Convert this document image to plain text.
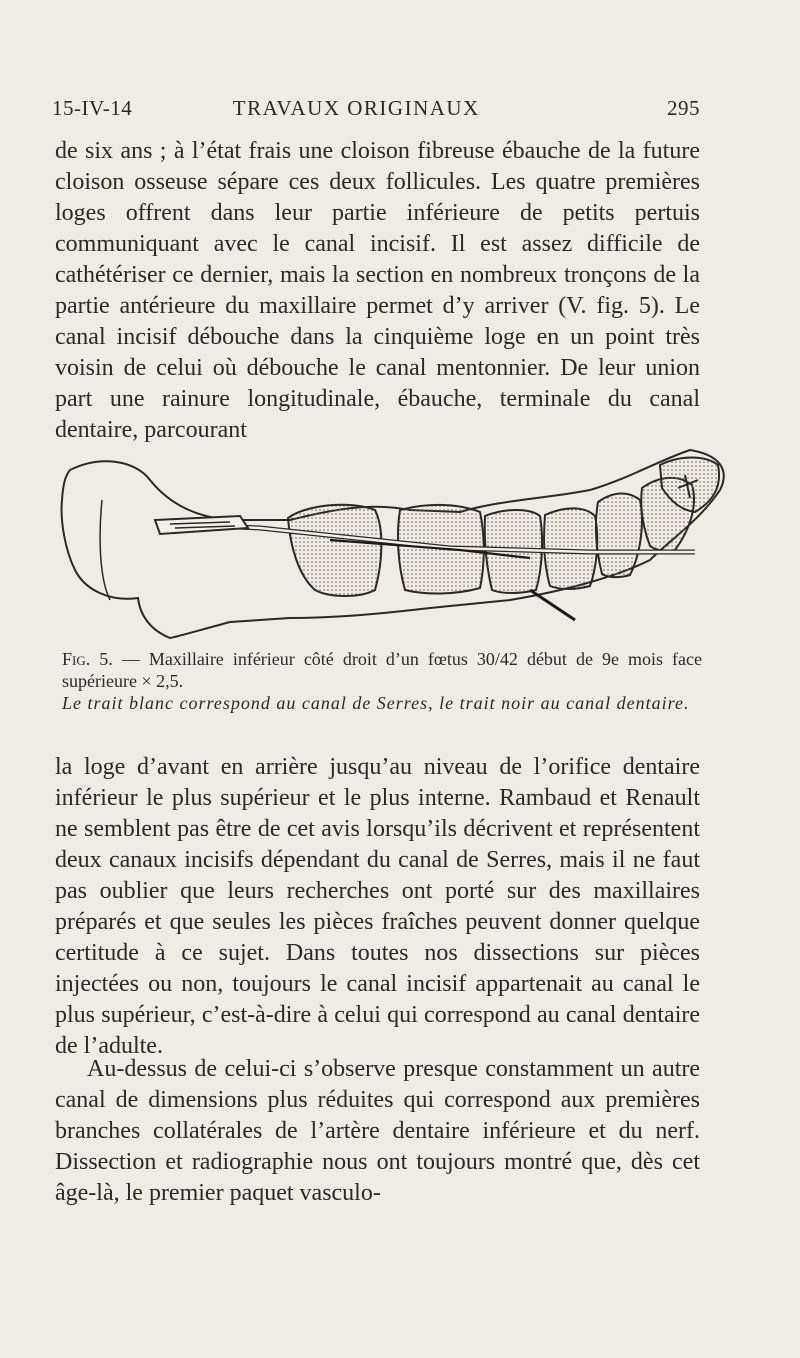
15-IV-14	TRAVAUX ORIGINAUX	295

de six ans ; à l’état frais une cloison fibreuse ébauche de la future cloison osseuse sépare ces deux follicules. Les quatre premières loges offrent dans leur partie inférieure de petits pertuis communiquant avec le canal incisif. Il est assez difficile de cathétériser ce dernier, mais la section en nombreux tronçons de la partie antérieure du maxillaire permet d’y arriver (V. fig. 5). Le canal incisif débouche dans la cinquième loge en un point très voisin de celui où débouche le canal mentonnier. De leur union part une rainure longitudinale, ébauche, terminale du canal dentaire, parcourant

Fig. 5. — Maxillaire inférieur côté droit d’un fœtus 30/42 début de 9e mois face supérieure × 2,5.
Le trait blanc correspond au canal de Serres, le trait noir au canal dentaire.

la loge d’avant en arrière jusqu’au niveau de l’orifice dentaire inférieur le plus supérieur et le plus interne. Rambaud et Renault ne semblent pas être de cet avis lorsqu’ils décrivent et représentent deux canaux incisifs dépendant du canal de Serres, mais il ne faut pas oublier que leurs recherches ont porté sur des maxillaires préparés et que seules les pièces fraîches peuvent donner quelque certitude à ce sujet. Dans toutes nos dissections sur pièces injectées ou non, toujours le canal incisif appartenait au canal le plus supérieur, c’est-à-dire à celui qui correspond au canal dentaire de l’adulte.

Au-dessus de celui-ci s’observe presque constamment un autre canal de dimensions plus réduites qui correspond aux premières branches collatérales de l’artère dentaire inférieure et du nerf. Dissection et radiographie nous ont toujours montré que, dès cet âge-là, le premier paquet vasculo-
